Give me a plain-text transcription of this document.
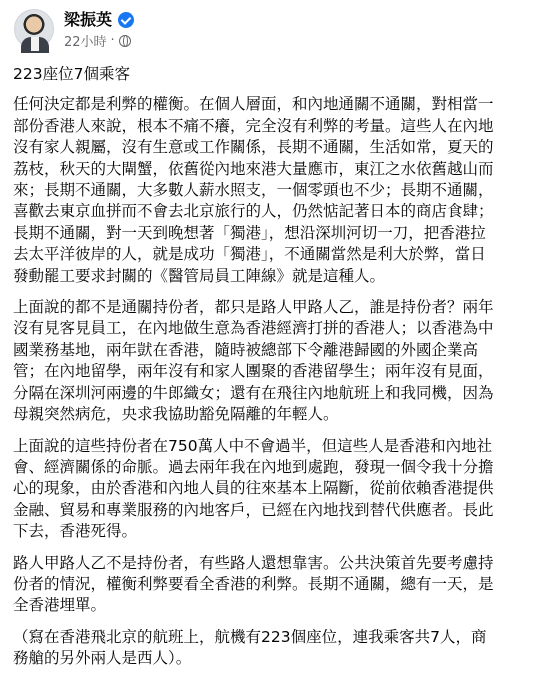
梁振英
22小時 ·

223座位7個乘客

任何決定都是利弊的權衡。在個人層面，和內地通關不通關，對相當一
部份香港人來說，根本不痛不癢，完全沒有利弊的考量。這些人在內地
沒有家人親屬，沒有生意或工作關係，長期不通關，生活如常，夏天的
荔枝，秋天的大閘蟹，依舊從內地來港大量應市，東江之水依舊越山而
來；長期不通關，大多數人薪水照支，一個零頭也不少；長期不通關，
喜歡去東京血拼而不會去北京旅行的人，仍然惦記著日本的商店食肆；
長期不通關，對一天到晚想著「獨港」，想沿深圳河切一刀，把香港拉
去太平洋彼岸的人，就是成功「獨港」，不通關當然是利大於弊，當日
發動罷工要求封關的《醫管局員工陣線》就是這種人。

上面說的都不是通關持份者，都只是路人甲路人乙，誰是持份者？兩年
沒有見客見員工，在內地做生意為香港經濟打拼的香港人；以香港為中
國業務基地，兩年獃在香港，隨時被總部下令離港歸國的外國企業高
管；在內地留學，兩年沒有和家人團聚的香港留學生；兩年沒有見面，
分隔在深圳河兩邊的牛郎織女；還有在飛往內地航班上和我同機，因為
母親突然病危，央求我協助豁免隔離的年輕人。

上面說的這些持份者在750萬人中不會過半，但這些人是香港和內地社
會、經濟關係的命脈。過去兩年我在內地到處跑，發現一個令我十分擔
心的現象，由於香港和內地人員的往來基本上隔斷，從前依賴香港提供
金融、貿易和專業服務的內地客戶，已經在內地找到替代供應者。長此
下去，香港死得。

路人甲路人乙不是持份者，有些路人還想靠害。公共決策首先要考慮持
份者的情況，權衡利弊要看全香港的利弊。長期不通關，總有一天，是
全香港埋單。

（寫在香港飛北京的航班上，航機有223個座位，連我乘客共7人，商
務艙的另外兩人是西人）。
